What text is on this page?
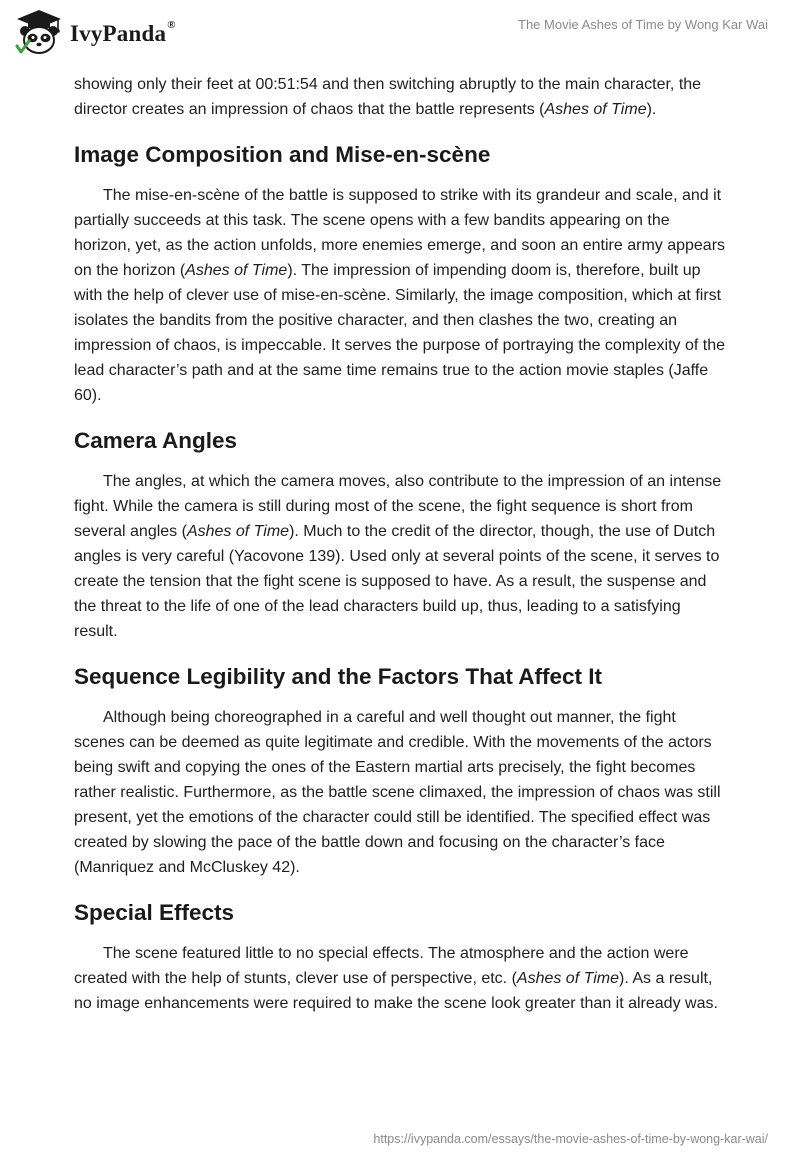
IvyPanda®	The Movie Ashes of Time by Wong Kar Wai

showing only their feet at 00:51:54 and then switching abruptly to the main character, the director creates an impression of chaos that the battle represents (Ashes of Time).

Image Composition and Mise-en-scène

The mise-en-scène of the battle is supposed to strike with its grandeur and scale, and it partially succeeds at this task. The scene opens with a few bandits appearing on the horizon, yet, as the action unfolds, more enemies emerge, and soon an entire army appears on the horizon (Ashes of Time). The impression of impending doom is, therefore, built up with the help of clever use of mise-en-scène. Similarly, the image composition, which at first isolates the bandits from the positive character, and then clashes the two, creating an impression of chaos, is impeccable. It serves the purpose of portraying the complexity of the lead character’s path and at the same time remains true to the action movie staples (Jaffe 60).

Camera Angles

The angles, at which the camera moves, also contribute to the impression of an intense fight. While the camera is still during most of the scene, the fight sequence is short from several angles (Ashes of Time). Much to the credit of the director, though, the use of Dutch angles is very careful (Yacovone 139). Used only at several points of the scene, it serves to create the tension that the fight scene is supposed to have. As a result, the suspense and the threat to the life of one of the lead characters build up, thus, leading to a satisfying result.

Sequence Legibility and the Factors That Affect It

Although being choreographed in a careful and well thought out manner, the fight scenes can be deemed as quite legitimate and credible. With the movements of the actors being swift and copying the ones of the Eastern martial arts precisely, the fight becomes rather realistic. Furthermore, as the battle scene climaxed, the impression of chaos was still present, yet the emotions of the character could still be identified. The specified effect was created by slowing the pace of the battle down and focusing on the character’s face (Manriquez and McCluskey 42).

Special Effects

The scene featured little to no special effects. The atmosphere and the action were created with the help of stunts, clever use of perspective, etc. (Ashes of Time). As a result, no image enhancements were required to make the scene look greater than it already was.

https://ivypanda.com/essays/the-movie-ashes-of-time-by-wong-kar-wai/
